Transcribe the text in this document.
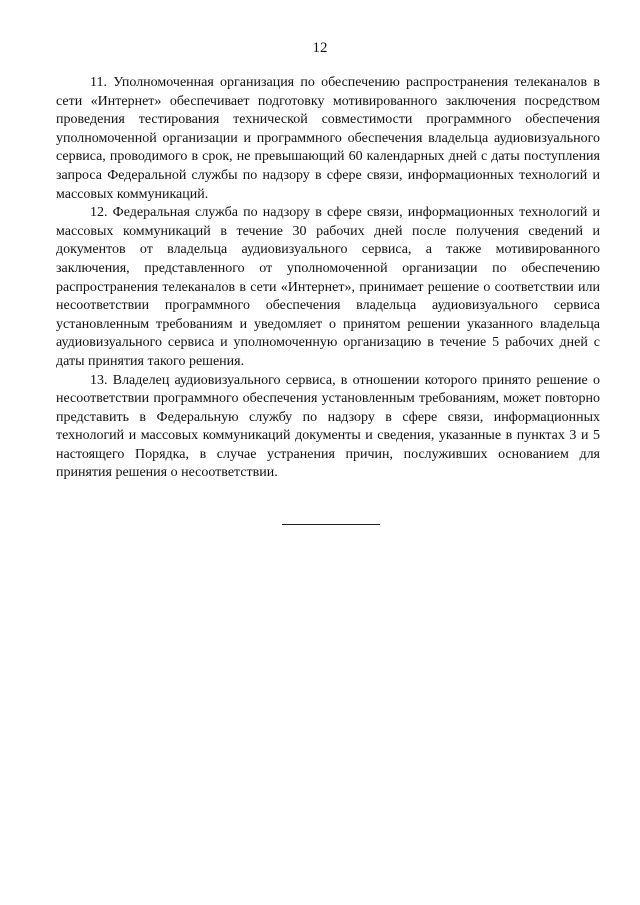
12

11. Уполномоченная организация по обеспечению распространения телеканалов в сети «Интернет» обеспечивает подготовку мотивированного заключения посредством проведения тестирования технической совместимости программного обеспечения уполномоченной организации и программного обеспечения владельца аудиовизуального сервиса, проводимого в срок, не превышающий 60 календарных дней с даты поступления запроса Федеральной службы по надзору в сфере связи, информационных технологий и массовых коммуникаций.

12. Федеральная служба по надзору в сфере связи, информационных технологий и массовых коммуникаций в течение 30 рабочих дней после получения сведений и документов от владельца аудиовизуального сервиса, а также мотивированного заключения, представленного от уполномоченной организации по обеспечению распространения телеканалов в сети «Интернет», принимает решение о соответствии или несоответствии программного обеспечения владельца аудиовизуального сервиса установленным требованиям и уведомляет о принятом решении указанного владельца аудиовизуального сервиса и уполномоченную организацию в течение 5 рабочих дней с даты принятия такого решения.

13. Владелец аудиовизуального сервиса, в отношении которого принято решение о несоответствии программного обеспечения установленным требованиям, может повторно представить в Федеральную службу по надзору в сфере связи, информационных технологий и массовых коммуникаций документы и сведения, указанные в пунктах 3 и 5 настоящего Порядка, в случае устранения причин, послуживших основанием для принятия решения о несоответствии.
